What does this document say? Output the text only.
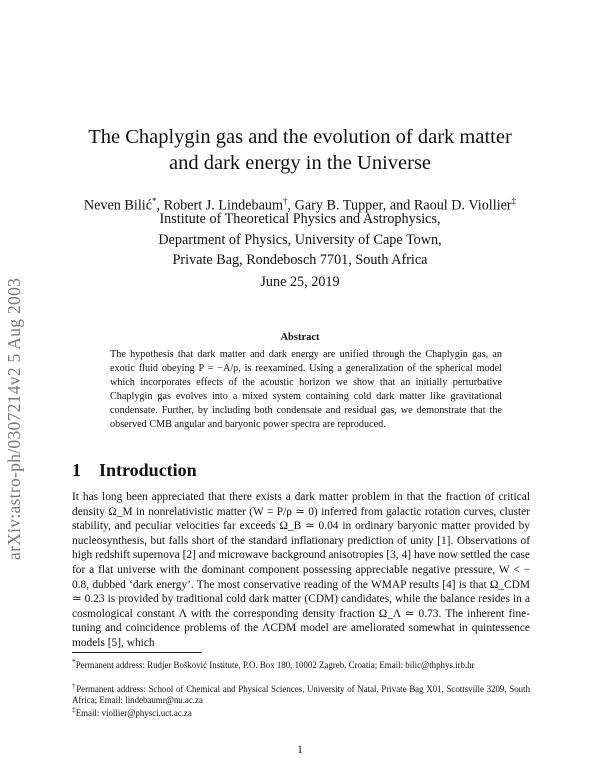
arXiv:astro-ph/0307214v2 5 Aug 2003
The Chaplygin gas and the evolution of dark matter
and dark energy in the Universe
Neven Bilić*, Robert J. Lindebaum†, Gary B. Tupper, and Raoul D. Viollier‡
Institute of Theoretical Physics and Astrophysics,
Department of Physics, University of Cape Town,
Private Bag, Rondebosch 7701, South Africa
June 25, 2019
Abstract
The hypothesis that dark matter and dark energy are unified through the Chaplygin gas, an exotic fluid obeying P = −A/ρ, is reexamined. Using a generalization of the spherical model which incorporates effects of the acoustic horizon we show that an initially perturbative Chaplygin gas evolves into a mixed system containing cold dark matter like gravitational condensate. Further, by including both condensate and residual gas, we demonstrate that the observed CMB angular and baryonic power spectra are reproduced.
1 Introduction
It has long been appreciated that there exists a dark matter problem in that the fraction of critical density Ω_M in nonrelativistic matter (W = P/ρ ≃ 0) inferred from galactic rotation curves, cluster stability, and peculiar velocities far exceeds Ω_B ≃ 0.04 in ordinary baryonic matter provided by nucleosynthesis, but falls short of the standard inflationary prediction of unity [1]. Observations of high redshift supernova [2] and microwave background anisotropies [3, 4] have now settled the case for a flat universe with the dominant component possessing appreciable negative pressure, W < − 0.8, dubbed ‘dark energy’. The most conservative reading of the WMAP results [4] is that Ω_CDM ≃ 0.23 is provided by traditional cold dark matter (CDM) candidates, while the balance resides in a cosmological constant Λ with the corresponding density fraction Ω_Λ ≃ 0.73. The inherent fine-tuning and coincidence problems of the ΛCDM model are ameliorated somewhat in quintessence models [5], which
*Permanent address: Rudjer Bošković Institute, P.O. Box 180, 10002 Zagreb, Croatia; Email: bilic@thphys.irb.hr
†Permanent address: School of Chemical and Physical Sciences, University of Natal, Private Bag X01, Scottsville 3209, South Africa; Email: lindebaumr@nu.ac.za
‡Email: viollier@physci.uct.ac.za
1
